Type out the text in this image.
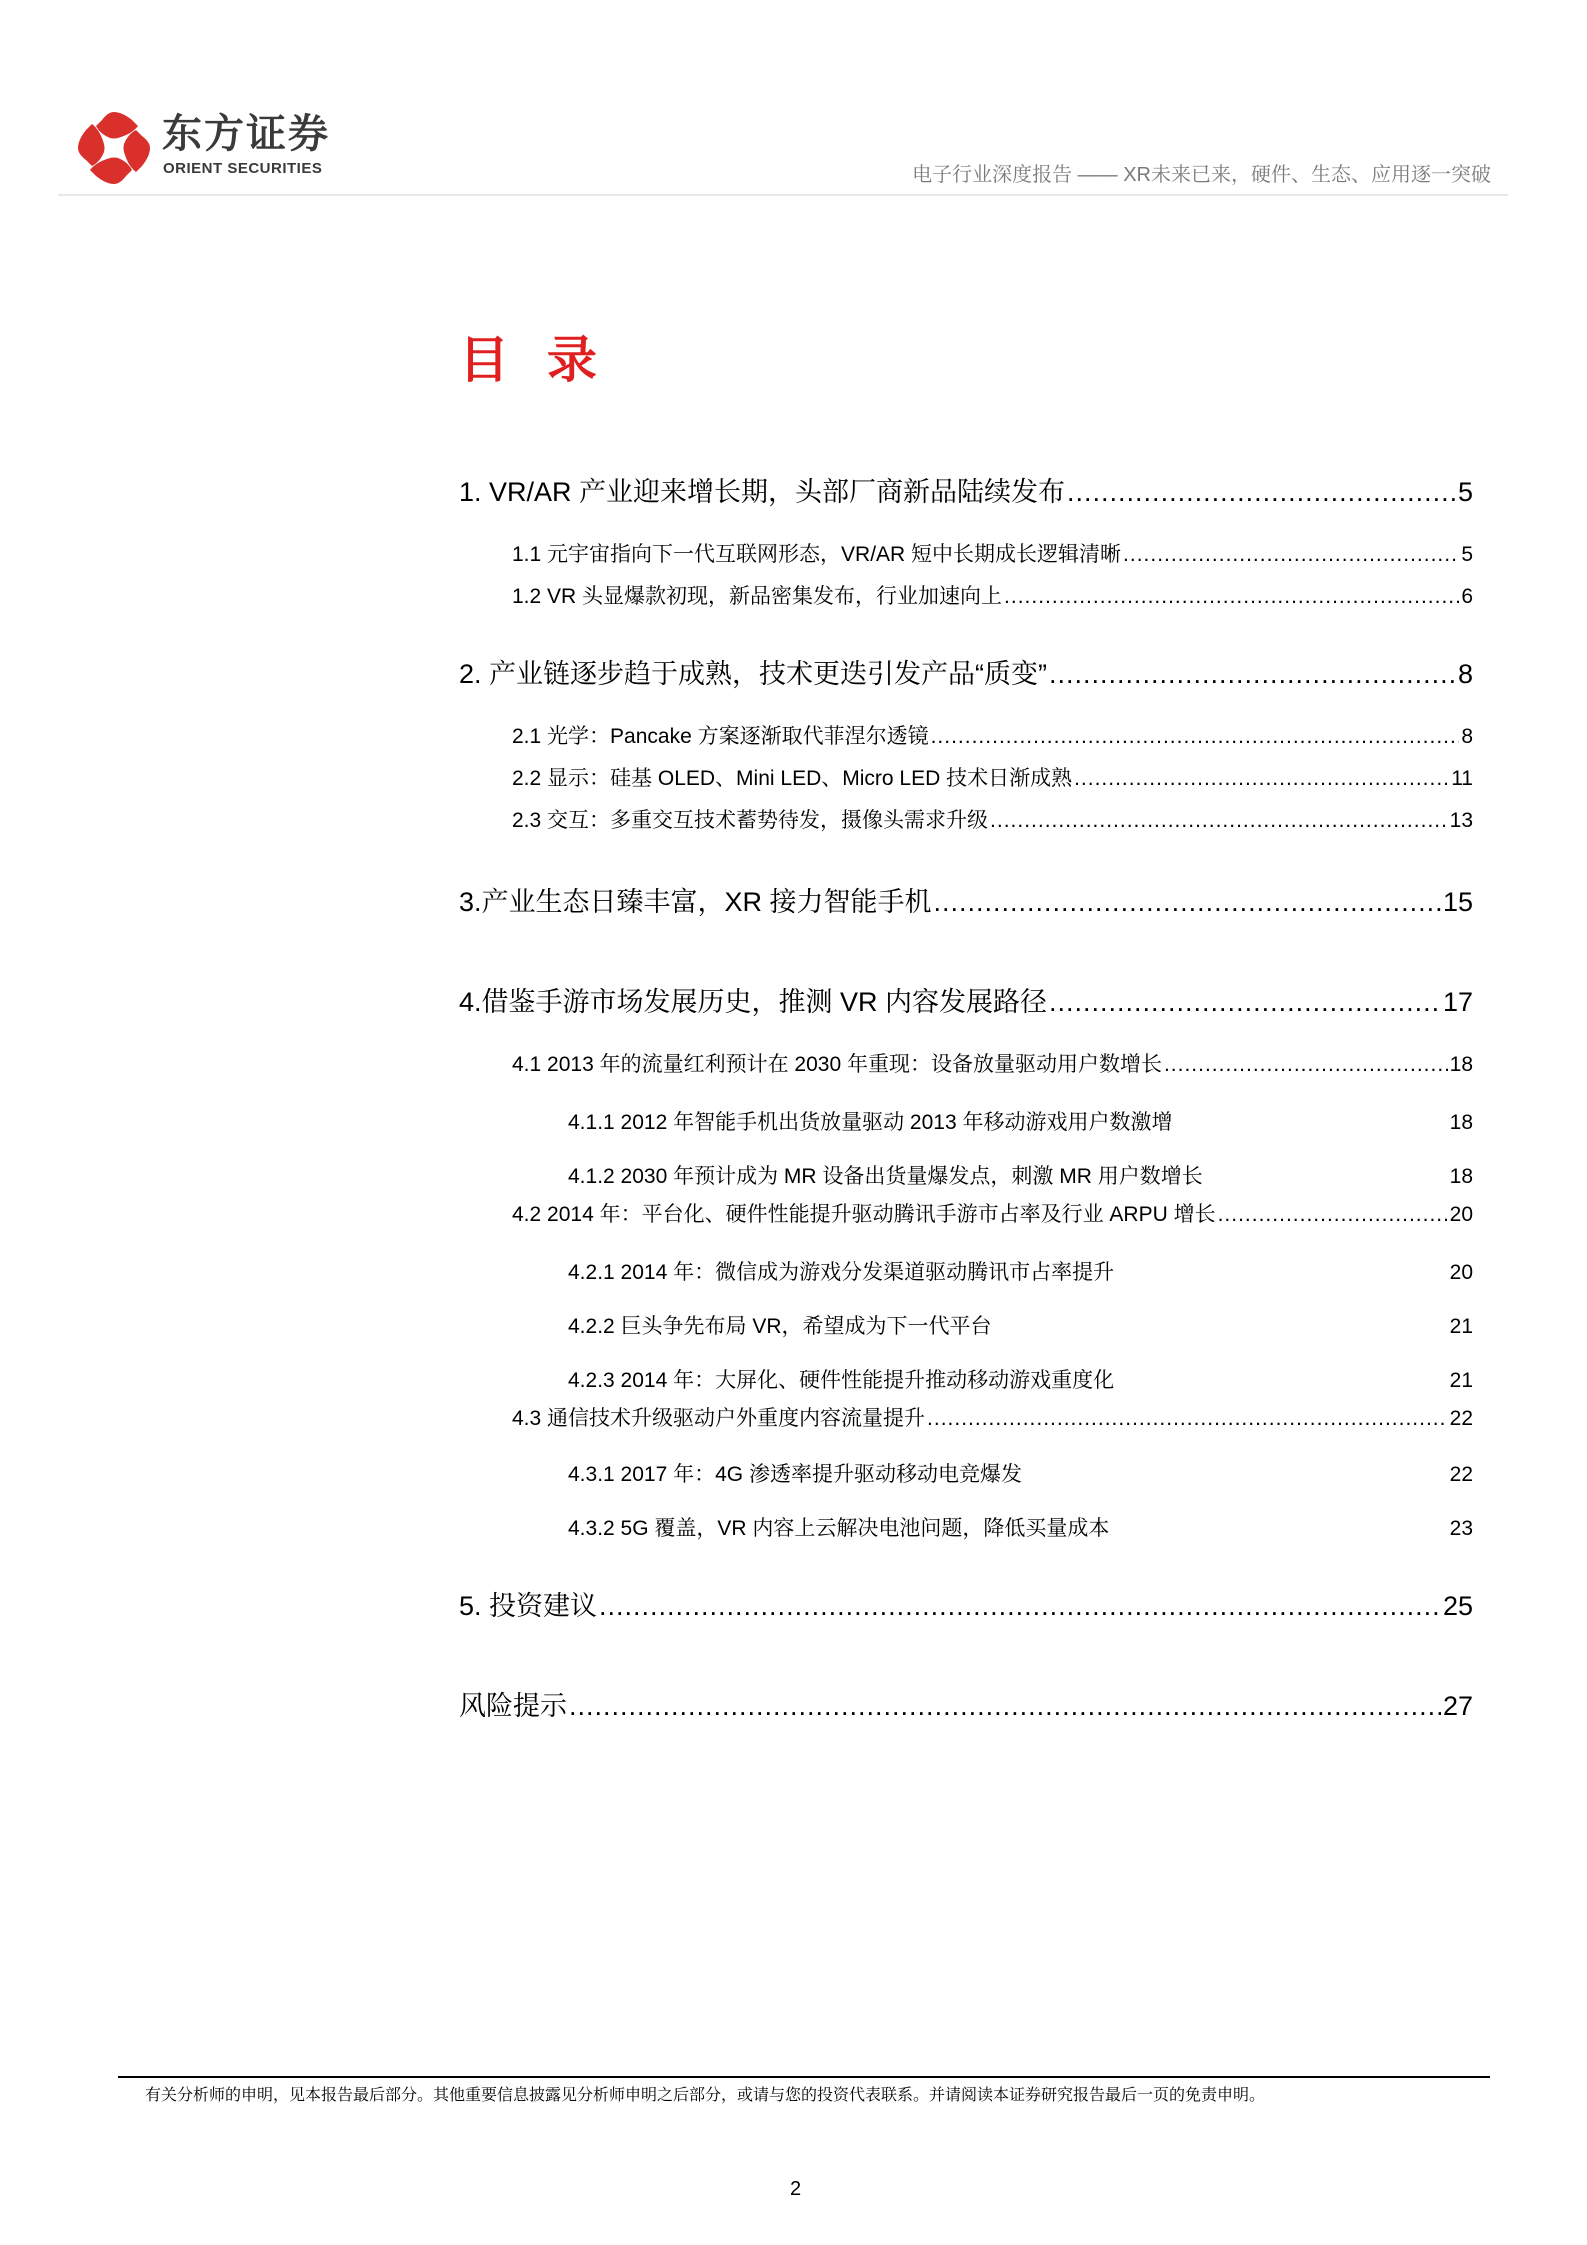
东方证券
ORIENT SECURITIES	电子行业深度报告 —— XR未来已来，硬件、生态、应用逐一突破
目 录
1. VR/AR 产业迎来增长期，头部厂商新品陆续发布 .....	5
1.1 元宇宙指向下一代互联网形态，VR/AR 短中长期成长逻辑清晰 .....	5
1.2 VR 头显爆款初现，新品密集发布，行业加速向上 .....	6
2. 产业链逐步趋于成熟，技术更迭引发产品“质变” .....	8
2.1 光学：Pancake 方案逐渐取代菲涅尔透镜 .....	8
2.2 显示：硅基 OLED、Mini LED、Micro LED 技术日渐成熟 .....	11
2.3 交互：多重交互技术蓄势待发，摄像头需求升级 .....	13
3.产业生态日臻丰富，XR 接力智能手机 .....	15
4.借鉴手游市场发展历史，推测 VR 内容发展路径 .....	17
4.1 2013 年的流量红利预计在 2030 年重现：设备放量驱动用户数增长 .....	18
4.1.1 2012 年智能手机出货放量驱动 2013 年移动游戏用户数激增	18
4.1.2 2030 年预计成为 MR 设备出货量爆发点，刺激 MR 用户数增长	18
4.2 2014 年：平台化、硬件性能提升驱动腾讯手游市占率及行业 ARPU 增长 .....	20
4.2.1 2014 年：微信成为游戏分发渠道驱动腾讯市占率提升	20
4.2.2 巨头争先布局 VR，希望成为下一代平台	21
4.2.3 2014 年：大屏化、硬件性能提升推动移动游戏重度化	21
4.3 通信技术升级驱动户外重度内容流量提升 .....	22
4.3.1 2017 年：4G 渗透率提升驱动移动电竞爆发	22
4.3.2 5G 覆盖，VR 内容上云解决电池问题，降低买量成本	23
5. 投资建议 .....	25
风险提示 .....	27
有关分析师的申明，见本报告最后部分。其他重要信息披露见分析师申明之后部分，或请与您的投资代表联系。并请阅读本证券研究报告最后一页的免责申明。
2
